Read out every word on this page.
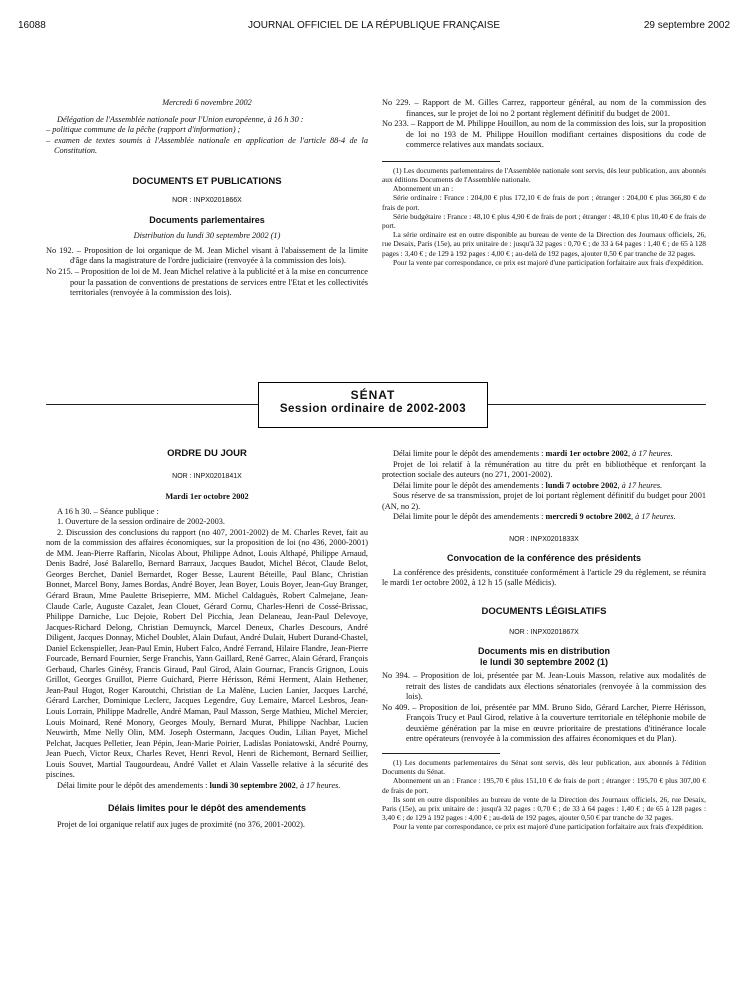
16088	JOURNAL OFFICIEL DE LA RÉPUBLIQUE FRANÇAISE	29 septembre 2002

Mercredi 6 novembre 2002

Délégation de l'Assemblée nationale pour l'Union européenne, à 16 h 30 :

– politique commune de la pêche (rapport d'information) ;

– examen de textes soumis à l'Assemblée nationale en application de l'article 88-4 de la Constitution.

DOCUMENTS ET PUBLICATIONS

NOR : INPX0201866X

Documents parlementaires

Distribution du lundi 30 septembre 2002 (1)

No 192. – Proposition de loi organique de M. Jean Michel visant à l'abaissement de la limite d'âge dans la magistrature de l'ordre judiciaire (renvoyée à la commission des lois).

No 215. – Proposition de loi de M. Jean Michel relative à la publicité et à la mise en concurrence pour la passation de conventions de prestations de services entre l'Etat et les collectivités territoriales (renvoyée à la commission des lois).

No 229. – Rapport de M. Gilles Carrez, rapporteur général, au nom de la commission des finances, sur le projet de loi no 2 portant règlement définitif du budget de 2001.

No 233. – Rapport de M. Philippe Houillon, au nom de la commission des lois, sur la proposition de loi no 193 de M. Philippe Houillon modifiant certaines dispositions du code de commerce relatives aux mandats sociaux.

(1) Les documents parlementaires de l'Assemblée nationale sont servis, dès leur publication, aux abonnés aux éditions Documents de l'Assemblée nationale.

Abonnement un an :

Série ordinaire : France : 204,00 € plus 172,10 € de frais de port ; étranger : 204,00 € plus 366,80 € de frais de port.

Série budgétaire : France : 48,10 € plus 4,90 € de frais de port ; étranger : 48,10 € plus 10,40 € de frais de port.

La série ordinaire est en outre disponible au bureau de vente de la Direction des Journaux officiels, 26, rue Desaix, Paris (15e), au prix unitaire de : jusqu'à 32 pages : 0,70 € ; de 33 à 64 pages : 1,40 € ; de 65 à 128 pages : 3,40 € ; de 129 à 192 pages : 4,00 € ; au-delà de 192 pages, ajouter 0,50 € par tranche de 32 pages.

Pour la vente par correspondance, ce prix est majoré d'une participation forfaitaire aux frais d'expédition.

SÉNAT
Session ordinaire de 2002-2003

ORDRE DU JOUR

NOR : INPX0201841X

Mardi 1er octobre 2002

A 16 h 30. – Séance publique :

1. Ouverture de la session ordinaire de 2002-2003.

2. Discussion des conclusions du rapport (no 407, 2001-2002) de M. Charles Revet, fait au nom de la commission des affaires économiques, sur la proposition de loi (no 436, 2000-2001) de MM. Jean-Pierre Raffarin, Nicolas About, Philippe Adnot, Louis Althapé, Philippe Arnaud, Denis Badré, José Balarello, Bernard Barraux, Jacques Baudot, Michel Bécot, Claude Belot, Georges Berchet, Daniel Bernardet, Roger Besse, Laurent Béteille, Paul Blanc, Christian Bonnet, Marcel Bony, James Bordas, André Boyer, Jean Boyer, Louis Boyer, Jean-Guy Branger, Gérard Braun, Mme Paulette Brisepierre, MM. Michel Caldaguès, Robert Calmejane, Jean-Claude Carle, Auguste Cazalet, Jean Clouet, Gérard Cornu, Charles-Henri de Cossé-Brissac, Philippe Darniche, Luc Dejoie, Robert Del Picchia, Jean Delaneau, Jean-Paul Delevoye, Jacques-Richard Delong, Christian Demuynck, Marcel Deneux, Charles Descours, André Diligent, Jacques Donnay, Michel Doublet, Alain Dufaut, André Dulait, Hubert Durand-Chastel, Daniel Eckenspieller, Jean-Paul Emin, Hubert Falco, André Ferrand, Hilaire Flandre, Jean-Pierre Fourcade, Bernard Fournier, Serge Franchis, Yann Gaillard, René Garrec, Alain Gérard, François Gerbaud, Charles Ginésy, Francis Giraud, Paul Girod, Alain Gournac, Francis Grignon, Louis Grillot, Georges Gruillot, Pierre Guichard, Pierre Hérisson, Rémi Herment, Alain Hethener, Jean-Paul Hugot, Roger Karoutchi, Christian de La Malène, Lucien Lanier, Jacques Larché, Gérard Larcher, Dominique Leclerc, Jacques Legendre, Guy Lemaire, Marcel Lesbros, Jean-Louis Lorrain, Philippe Madrelle, André Maman, Paul Masson, Serge Mathieu, Michel Mercier, Louis Moinard, René Monory, Georges Mouly, Bernard Murat, Philippe Nachbar, Lucien Neuwirth, Mme Nelly Olin, MM. Joseph Ostermann, Jacques Oudin, Lilian Payet, Michel Pelchat, Jacques Pelletier, Jean Pépin, Jean-Marie Poirier, Ladislas Poniatowski, André Pourny, Jean Puech, Victor Reux, Charles Revet, Henri Revol, Henri de Richemont, Bernard Seillier, Louis Souvet, Martial Taugourdeau, André Vallet et Alain Vasselle relative à la sécurité des piscines.

Délai limite pour le dépôt des amendements : lundi 30 septembre 2002, à 17 heures.

Délais limites pour le dépôt des amendements

Projet de loi organique relatif aux juges de proximité (no 376, 2001-2002).

Délai limite pour le dépôt des amendements : mardi 1er octobre 2002, à 17 heures.

Projet de loi relatif à la rémunération au titre du prêt en bibliothèque et renforçant la protection sociale des auteurs (no 271, 2001-2002).

Délai limite pour le dépôt des amendements : lundi 7 octobre 2002, à 17 heures.

Sous réserve de sa transmission, projet de loi portant règlement définitif du budget pour 2001 (AN, no 2).

Délai limite pour le dépôt des amendements : mercredi 9 octobre 2002, à 17 heures.

NOR : INPX0201833X

Convocation de la conférence des présidents

La conférence des présidents, constituée conformément à l'article 29 du règlement, se réunira le mardi 1er octobre 2002, à 12 h 15 (salle Médicis).

DOCUMENTS LÉGISLATIFS

NOR : INPX0201867X

Documents mis en distribution

le lundi 30 septembre 2002 (1)

No 394. – Proposition de loi, présentée par M. Jean-Louis Masson, relative aux modalités de retrait des listes de candidats aux élections sénatoriales (renvoyée à la commission des lois).

No 409. – Proposition de loi, présentée par MM. Bruno Sido, Gérard Larcher, Pierre Hérisson, François Trucy et Paul Girod, relative à la couverture territoriale en téléphonie mobile de deuxième génération par la mise en œuvre prioritaire de prestations d'itinérance locale entre opérateurs (renvoyée à la commission des affaires économiques et du Plan).

(1) Les documents parlementaires du Sénat sont servis, dès leur publication, aux abonnés à l'édition Documents du Sénat.

Abonnement un an : France : 195,70 € plus 151,10 € de frais de port ; étranger : 195,70 € plus 307,00 € de frais de port.

Ils sont en outre disponibles au bureau de vente de la Direction des Journaux officiels, 26, rue Desaix, Paris (15e), au prix unitaire de : jusqu'à 32 pages : 0,70 € ; de 33 à 64 pages : 1,40 € ; de 65 à 128 pages : 3,40 € ; de 129 à 192 pages : 4,00 € ; au-delà de 192 pages, ajouter 0,50 € par tranche de 32 pages.

Pour la vente par correspondance, ce prix est majoré d'une participation forfaitaire aux frais d'expédition.
